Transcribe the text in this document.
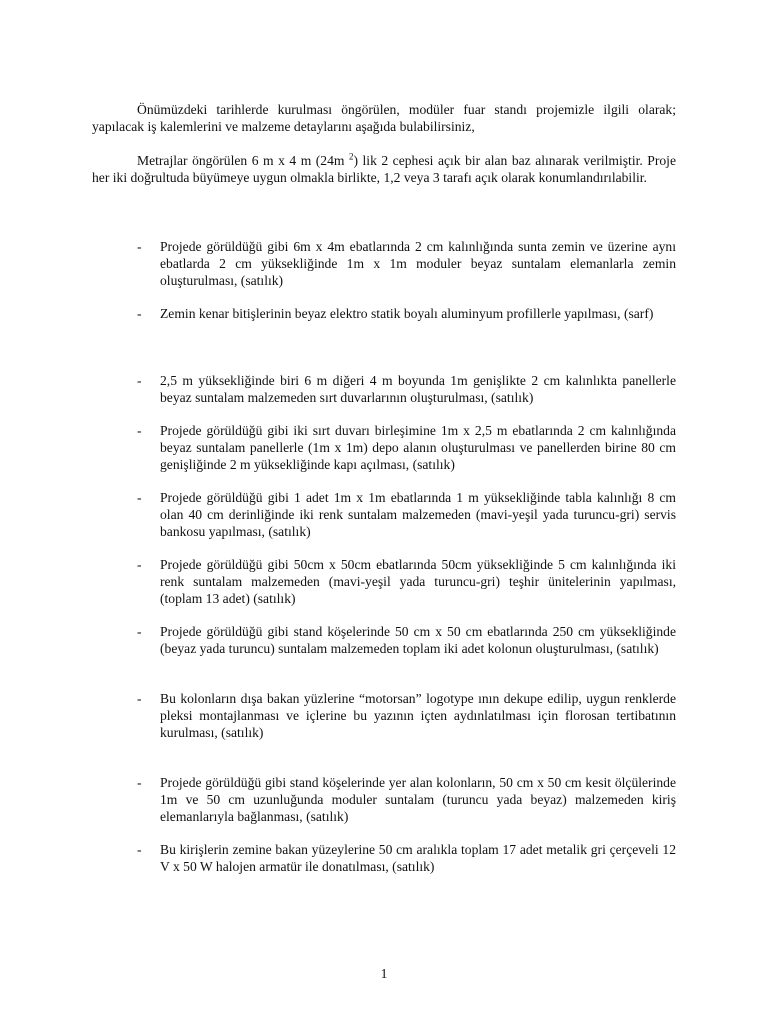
Önümüzdeki tarihlerde kurulması öngörülen, modüler fuar standı projemizle ilgili olarak; yapılacak iş kalemlerini ve malzeme detaylarını aşağıda bulabilirsiniz,

Metrajlar öngörülen 6 m x 4 m (24m $^2$) lik 2 cephesi açık bir alan baz alınarak verilmiştir. Proje her iki doğrultuda büyümeye uygun olmakla birlikte, 1,2 veya 3 tarafı açık olarak konumlandırılabilir.

- Projede görüldüğü gibi 6m x 4m ebatlarında 2 cm kalınlığında sunta zemin ve üzerine aynı ebatlarda 2 cm yüksekliğinde 1m x 1m moduler beyaz suntalam elemanlarla zemin oluşturulması, (satılık)

- Zemin kenar bitişlerinin beyaz elektro statik boyalı aluminyum profillerle yapılması, (sarf)

- 2,5 m yüksekliğinde biri 6 m diğeri 4 m boyunda 1m genişlikte 2 cm kalınlıkta panellerle beyaz suntalam malzemeden sırt duvarlarının oluşturulması, (satılık)

- Projede görüldüğü gibi iki sırt duvarı birleşimine 1m x 2,5 m ebatlarında 2 cm kalınlığında beyaz suntalam panellerle (1m x 1m) depo alanın oluşturulması ve panellerden birine 80 cm genişliğinde 2 m yüksekliğinde kapı açılması, (satılık)

- Projede görüldüğü gibi 1 adet 1m x 1m ebatlarında 1 m yüksekliğinde tabla kalınlığı 8 cm olan 40 cm derinliğinde iki renk suntalam malzemeden (mavi-yeşil yada turuncu-gri) servis bankosu yapılması, (satılık)

- Projede görüldüğü gibi 50cm x 50cm ebatlarında 50cm yüksekliğinde 5 cm kalınlığında iki renk suntalam malzemeden (mavi-yeşil yada turuncu-gri) teşhir ünitelerinin yapılması, (toplam 13 adet) (satılık)

- Projede görüldüğü gibi stand köşelerinde 50 cm x 50 cm ebatlarında 250 cm yüksekliğinde (beyaz yada turuncu) suntalam malzemeden toplam iki adet kolonun oluşturulması, (satılık)

- Bu kolonların dışa bakan yüzlerine “motorsan” logotype ının dekupe edilip, uygun renklerde pleksi montajlanması ve içlerine bu yazının içten aydınlatılması için florosan tertibatının kurulması, (satılık)

- Projede görüldüğü gibi stand köşelerinde yer alan kolonların, 50 cm x 50 cm kesit ölçülerinde 1m ve 50 cm uzunluğunda moduler suntalam (turuncu yada beyaz) malzemeden kiriş elemanlarıyla bağlanması, (satılık)

- Bu kirişlerin zemine bakan yüzeylerine 50 cm aralıkla toplam 17 adet metalik gri çerçeveli 12 V x 50 W halojen armatür ile donatılması, (satılık)

1
